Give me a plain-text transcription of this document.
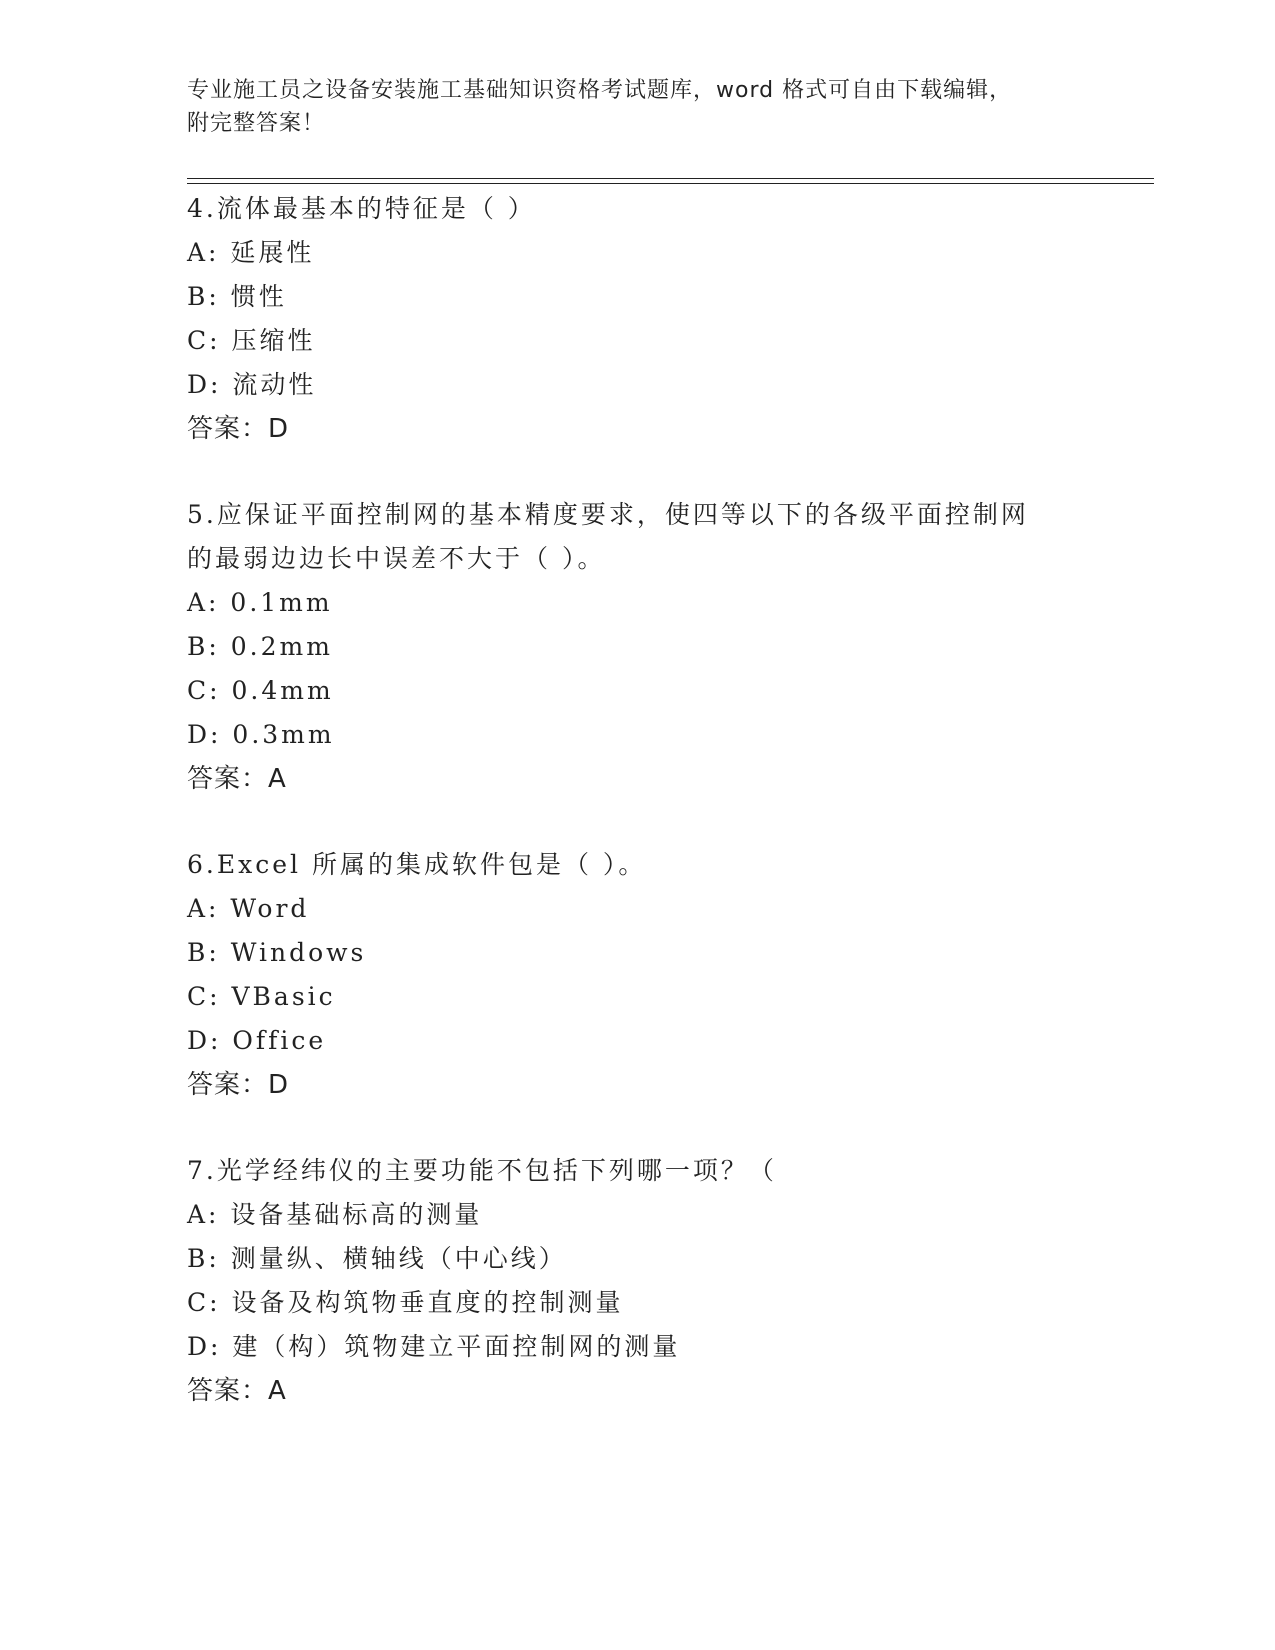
专业施工员之设备安装施工基础知识资格考试题库，word 格式可自由下载编辑，
附完整答案！
4.流体最基本的特征是（ ）
A: 延展性
B: 惯性
C: 压缩性
D: 流动性
答案：D
5.应保证平面控制网的基本精度要求，使四等以下的各级平面控制网
的最弱边边长中误差不大于（ ）。
A: 0.1mm
B: 0.2mm
C: 0.4mm
D: 0.3mm
答案：A
6.Excel 所属的集成软件包是（ ）。
A: Word
B: Windows
C: VBasic
D: Office
答案：D
7.光学经纬仪的主要功能不包括下列哪一项？（
A: 设备基础标高的测量
B: 测量纵、横轴线（中心线）
C: 设备及构筑物垂直度的控制测量
D: 建（构）筑物建立平面控制网的测量
答案：A
